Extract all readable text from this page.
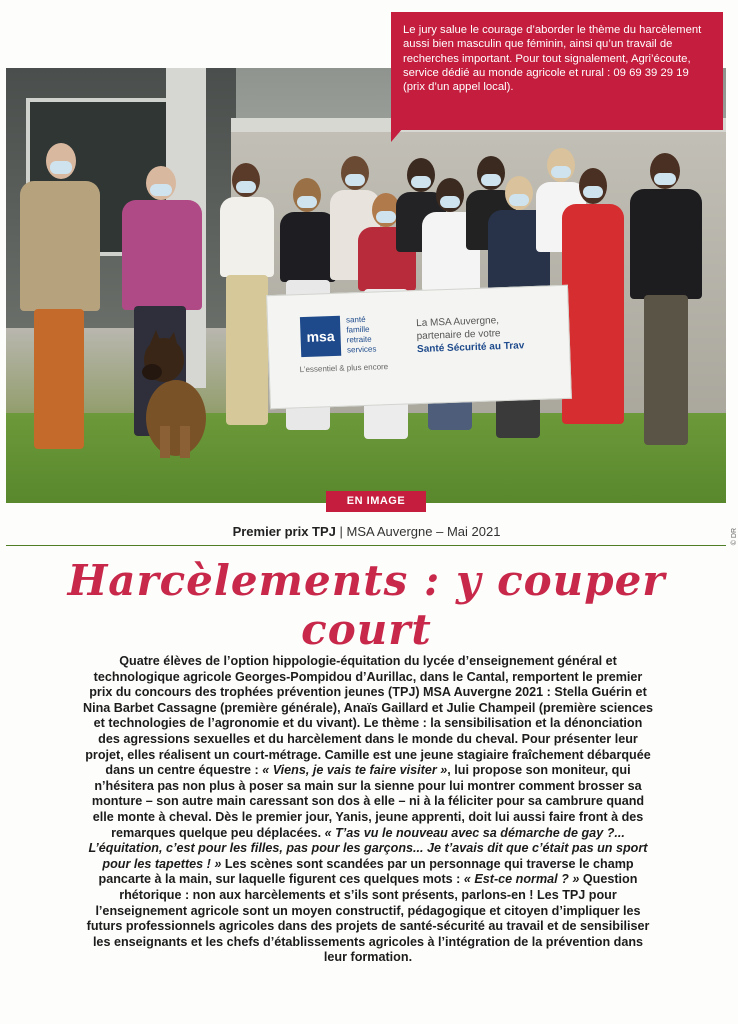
msa
santé
famille
retraite
services
L’essentiel & plus encore
La MSA Auvergne,
partenaire de votre
Santé Sécurité au Trav
© DR

Le jury salue le courage d’aborder le thème du harcèlement aussi bien masculin que féminin, ainsi qu’un travail de recherches important. Pour tout signalement, Agri’écoute, service dédié au monde agricole et rural : 09 69 39 29 19 (prix d’un appel local).

EN IMAGE
Premier prix TPJ | MSA Auvergne – Mai 2021
Harcèlements : y couper court

Quatre élèves de l’option hippologie-équitation du lycée d’enseignement général et technologique agricole Georges-Pompidou d’Aurillac, dans le Cantal, remportent le premier prix du concours des trophées prévention jeunes (TPJ) MSA Auvergne 2021 : Stella Guérin et Nina Barbet Cassagne (première générale), Anaïs Gaillard et Julie Champeil (première sciences et technologies de l’agronomie et du vivant). Le thème : la sensibilisation et la dénonciation des agressions sexuelles et du harcèlement dans le monde du cheval. Pour présenter leur projet, elles réalisent un court-métrage. Camille est une jeune stagiaire fraîchement débarquée dans un centre équestre : « Viens, je vais te faire visiter », lui propose son moniteur, qui n’hésitera pas non plus à poser sa main sur la sienne pour lui montrer comment brosser sa monture – son autre main caressant son dos à elle – ni à la féliciter pour sa cambrure quand elle monte à cheval. Dès le premier jour, Yanis, jeune apprenti, doit lui aussi faire front à des remarques quelque peu déplacées. « T’as vu le nouveau avec sa démarche de gay ?... L’équitation, c’est pour les filles, pas pour les garçons... Je t’avais dit que c’était pas un sport pour les tapettes ! » Les scènes sont scandées par un personnage qui traverse le champ pancarte à la main, sur laquelle figurent ces quelques mots : « Est-ce normal ? » Question rhétorique : non aux harcèlements et s’ils sont présents, parlons-en ! Les TPJ pour l’enseignement agricole sont un moyen constructif, pédagogique et citoyen d’impliquer les futurs professionnels agricoles dans des projets de santé-sécurité au travail et de sensibiliser les enseignants et les chefs d’établissements agricoles à l’intégration de la prévention dans leur formation.
